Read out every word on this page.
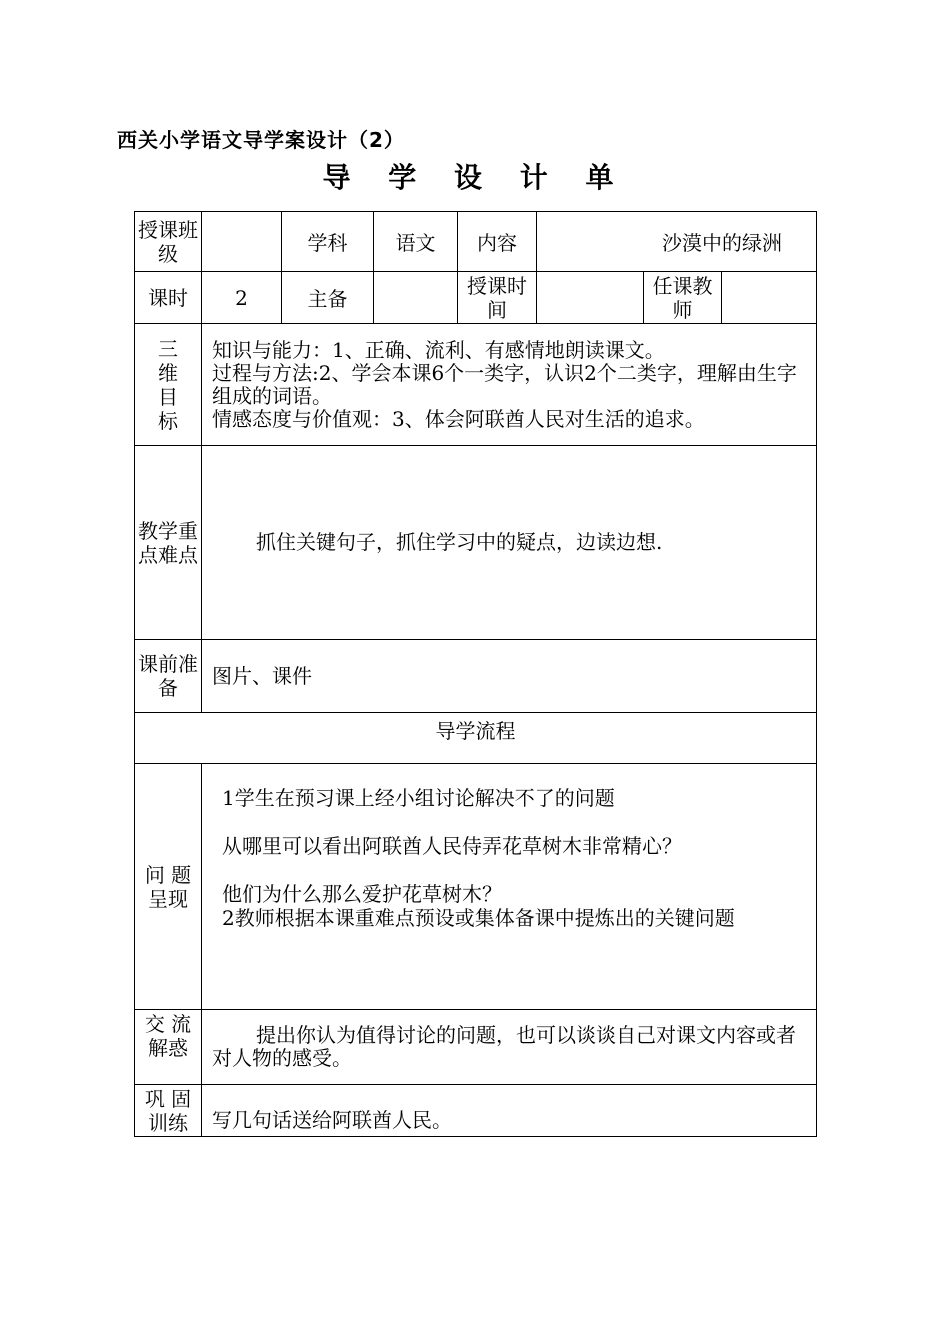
西关小学语文导学案设计（2）
导 学 设 计 单
授课班级		学科	语文	内容	沙漠中的绿洲		
课时	2	主备		授课时间		任课教师	
三维目标	知识与能力：1、正确、流利、有感情地朗读课文。
过程与方法:2、学会本课6个一类字，认识2个二类字，理解由生字组成的词语。
情感态度与价值观：3、体会阿联酋人民对生活的追求。						

教学重点难点	抓住关键句子，抓住学习中的疑点，边读边想.						
课前准备	图片、课件						
导学流程							
问 题呈现	1学生在预习课上经小组讨论解决不了的问题

从哪里可以看出阿联酋人民侍弄花草树木非常精心？

他们为什么那么爱护花草树木？

2教师根据本课重难点预设或集体备课中提炼出的关键问题						

交 流解惑	提出你认为值得讨论的问题，也可以谈谈自己对课文内容或者对人物的感受。						
巩 固训练	写几句话送给阿联酋人民。						
